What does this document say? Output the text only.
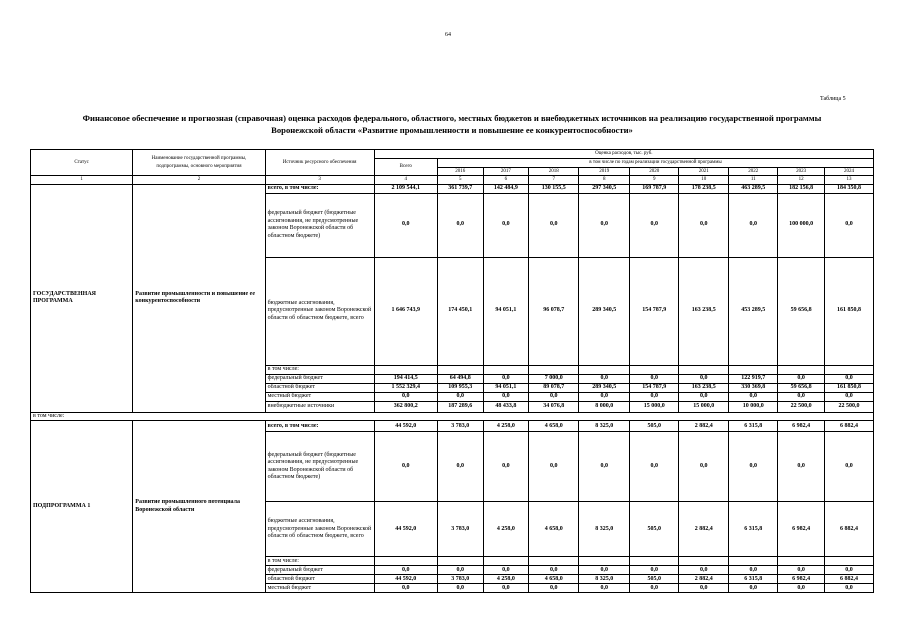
64
Таблица 5
Финансовое обеспечение и прогнозная (справочная) оценка расходов федерального, областного, местных бюджетов и внебюджетных источников на реализацию государственной программы
Воронежской области «Развитие промышленности и повышение ее конкурентоспособности»
Статус	Наименование государственной программы, подпрограммы, основного мероприятия	Источник ресурсного обеспечения	Оценка расходов, тыс. руб.									
			Всего	в том числе по годам реализации государственной программы								
				2016	2017	2018	2019	2020	2021	2022	2023	2024
1	2	3	4	5	6	7	8	9	10	11	12	13
ГОСУДАРСТВЕННАЯ ПРОГРАММА	Развитие промышленности и повышение ее конкурентоспособности	всего, в том числе:	2 109 544,1	361 739,7	142 484,9	130 155,5	297 340,5	169 787,9	178 238,5	463 289,5	182 156,8	184 350,8
		федеральный бюджет (бюджетные ассигнования, не предусмотренные законом Воронежской области об областном бюджете)	0,0	0,0	0,0	0,0	0,0	0,0	0,0	0,0	100 000,0	0,0
		бюджетные ассигнования, предусмотренные законом Воронежской области об областном бюджете, всего	1 646 743,9	174 450,1	94 051,1	96 078,7	289 340,5	154 787,9	163 238,5	453 289,5	59 656,8	161 850,8
		в том числе:										
		федеральный бюджет	194 414,5	64 494,8	0,0	7 000,0	0,0	0,0	0,0	122 919,7	0,0	0,0
		областной бюджет	1 552 329,4	109 955,3	94 051,1	89 078,7	289 340,5	154 787,9	163 238,5	330 369,8	59 656,8	161 850,8
		местный бюджет	0,0	0,0	0,0	0,0	0,0	0,0	0,0	0,0	0,0	0,0
		внебюджетные источники	362 800,2	187 289,6	48 433,8	34 076,8	8 000,0	15 000,0	15 000,0	10 000,0	22 500,0	22 500,0
в том числе:												
ПОДПРОГРАММА 1	Развитие промышленного потенциала Воронежской области	всего, в том числе:	44 592,0	3 783,0	4 258,0	4 658,0	8 325,0	505,0	2 882,4	6 315,8	6 982,4	6 882,4
		федеральный бюджет (бюджетные ассигнования, не предусмотренные законом Воронежской области об областном бюджете)	0,0	0,0	0,0	0,0	0,0	0,0	0,0	0,0	0,0	0,0
		бюджетные ассигнования, предусмотренные законом Воронежской области об областном бюджете, всего	44 592,0	3 783,0	4 258,0	4 658,0	8 325,0	505,0	2 882,4	6 315,8	6 982,4	6 882,4
		в том числе:										
		федеральный бюджет	0,0	0,0	0,0	0,0	0,0	0,0	0,0	0,0	0,0	0,0
		областной бюджет	44 592,0	3 783,0	4 258,0	4 658,0	8 325,0	505,0	2 882,4	6 315,8	6 982,4	6 882,4
		местный бюджет	0,0	0,0	0,0	0,0	0,0	0,0	0,0	0,0	0,0	0,0
